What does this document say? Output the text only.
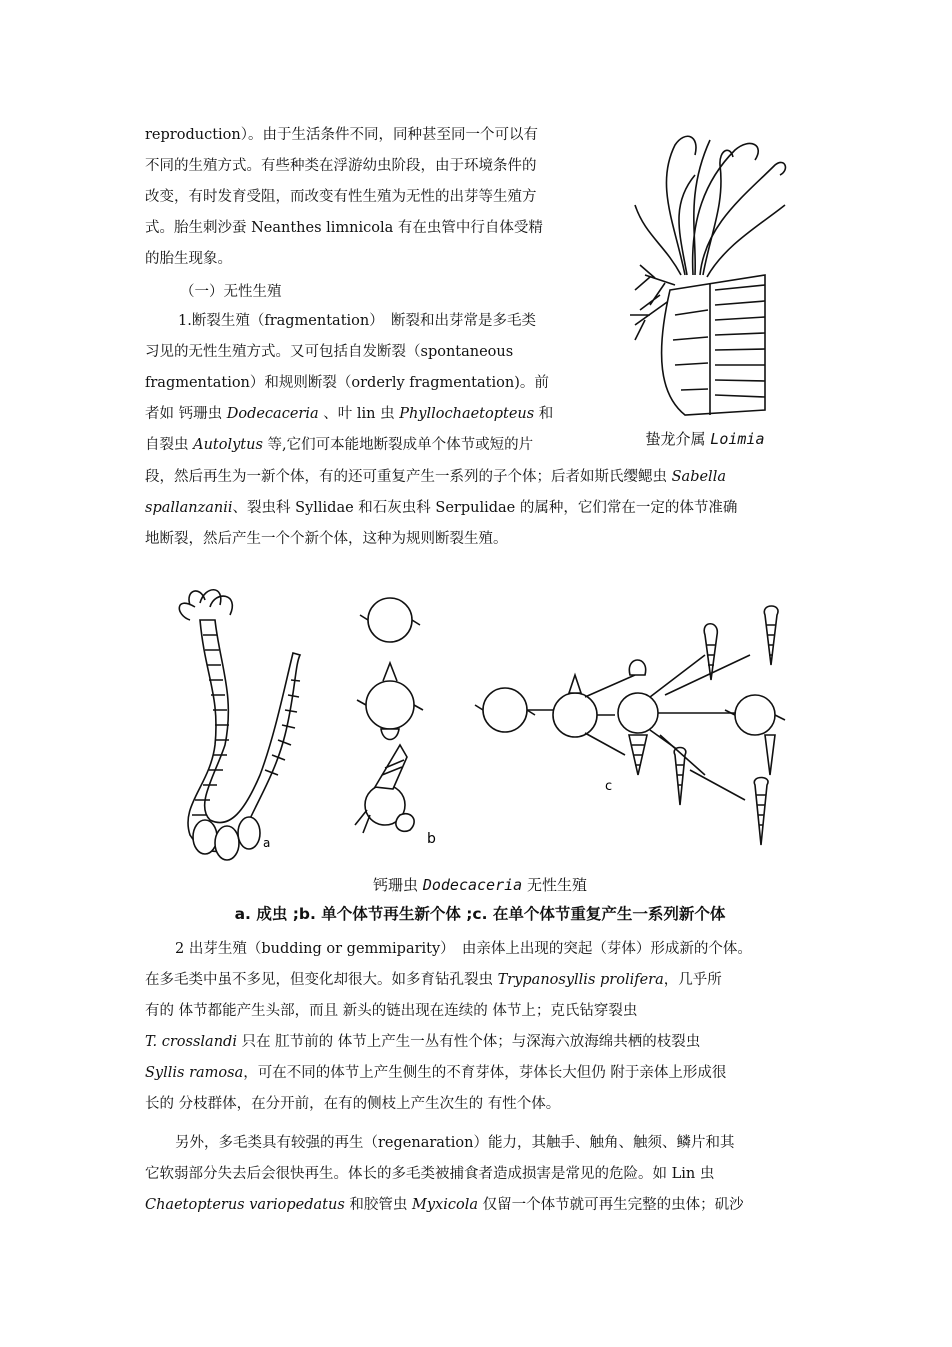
reproduction）。由于生活条件不同，同种甚至同一个可以有
不同的生殖方式。有些种类在浮游幼虫阶段，由于环境条件的
改变，有时发育受阻，而改变有性生殖为无性的出芽等生殖方
式。胎生刺沙蚕 Neanthes limnicola 有在虫管中行自体受精
的胎生现象。
（一）无性生殖
1.断裂生殖（fragmentation）　断裂和出芽常是多毛类
习见的无性生殖方式。又可包括自发断裂（spontaneous
fragmentation）和规则断裂（orderly fragmentation)。前
者如 钙珊虫 Dodecaceria 、叶 lin 虫 Phyllochaetopteus 和
自裂虫 Autolytus 等,它们可本能地断裂成单个体节或短的片
段，然后再生为一新个体，有的还可重复产生一系列的子个体；后者如斯氏缨鳃虫 Sabella
spallanzanii、裂虫科 Syllidae 和石灰虫科 Serpulidae 的属种，它们常在一定的体节准确
地断裂，然后产生一个个新个体，这种为规则断裂生殖。
蛰龙介属 Loimia
a	b
c
钙珊虫 Dodecaceria 无性生殖
a. 成虫 ;b. 单个体节再生新个体 ;c. 在单个体节重复产生一系列新个体
2 出芽生殖（budding or gemmiparity）　由亲体上出现的突起（芽体）形成新的个体。
在多毛类中虽不多见，但变化却很大。如多育钻孔裂虫 Trypanosyllis prolifera，几乎所
有的 体节都能产生头部，而且 新头的链出现在连续的 体节上；克氏钻穿裂虫
T. crosslandi 只在 肛节前的 体节上产生一丛有性个体；与深海六放海绵共栖的枝裂虫
Syllis ramosa，可在不同的体节上产生侧生的不育芽体，芽体长大但仍 附于亲体上形成很
长的 分枝群体，在分开前，在有的侧枝上产生次生的 有性个体。
另外，多毛类具有较强的再生（regenaration）能力，其触手、触角、触须、鳞片和其
它软弱部分失去后会很快再生。体长的多毛类被捕食者造成损害是常见的危险。如 Lin 虫
Chaetopterus variopedatus 和胶管虫 Myxicola 仅留一个体节就可再生完整的虫体；矶沙
